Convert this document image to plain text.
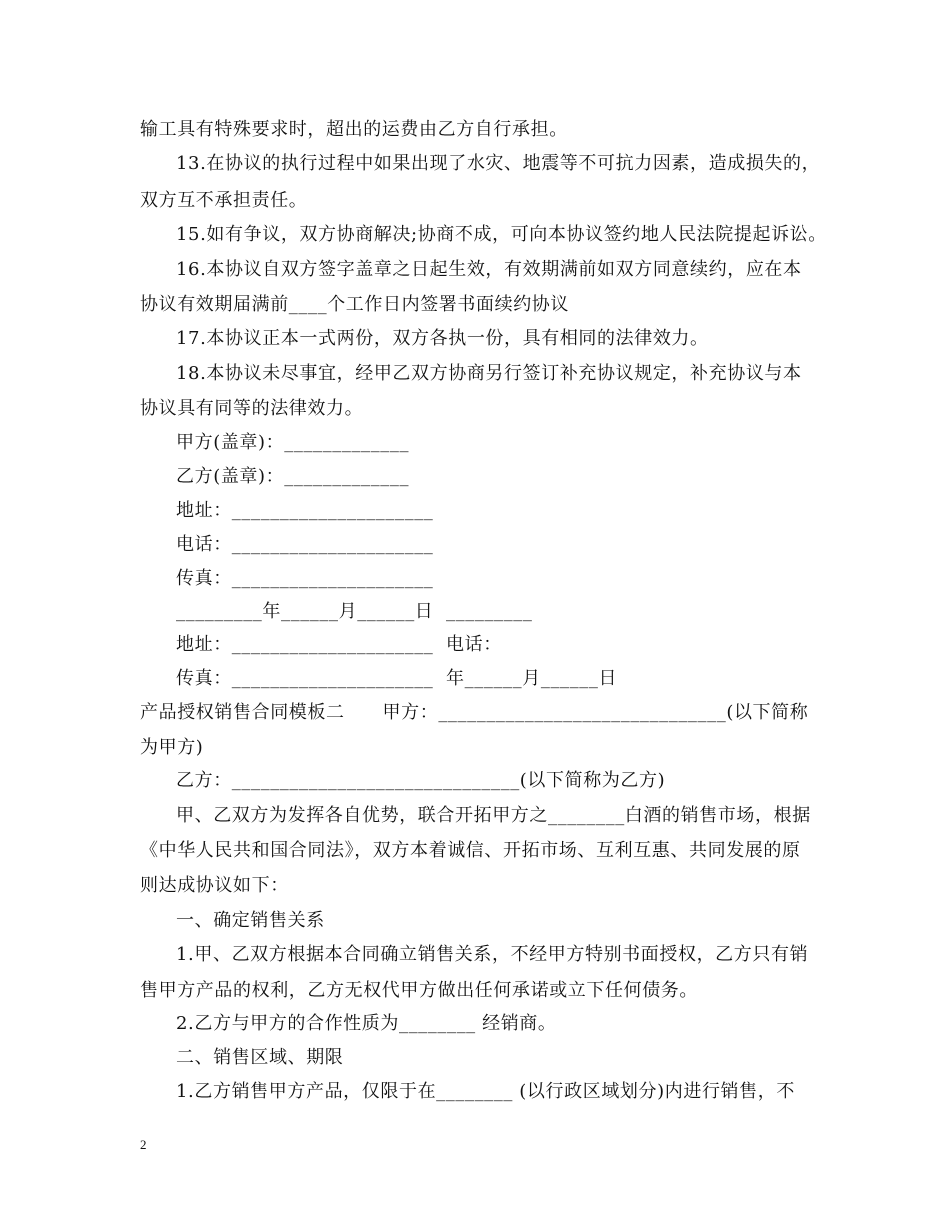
输工具有特殊要求时，超出的运费由乙方自行承担。
13.在协议的执行过程中如果出现了水灾、地震等不可抗力因素，造成损失的，
双方互不承担责任。
15.如有争议，双方协商解决;协商不成，可向本协议签约地人民法院提起诉讼。
16.本协议自双方签字盖章之日起生效，有效期满前如双方同意续约，应在本
协议有效期届满前____个工作日内签署书面续约协议
17.本协议正本一式两份，双方各执一份，具有相同的法律效力。
18.本协议未尽事宜，经甲乙双方协商另行签订补充协议规定，补充协议与本
协议具有同等的法律效力。
甲方(盖章)：_____________
乙方(盖章)：_____________
地址：_____________________
电话：_____________________
传真：_____________________
_________年______月______日  _________
地址：_____________________  电话：
传真：_____________________  年______月______日
产品授权销售合同模板二      甲方：______________________________(以下简称
为甲方)
乙方：______________________________(以下简称为乙方)
甲、乙双方为发挥各自优势，联合开拓甲方之________白酒的销售市场，根据
《中华人民共和国合同法》，双方本着诚信、开拓市场、互利互惠、共同发展的原
则达成协议如下：
一、确定销售关系
1.甲、乙双方根据本合同确立销售关系，不经甲方特别书面授权，乙方只有销
售甲方产品的权利，乙方无权代甲方做出任何承诺或立下任何债务。
2.乙方与甲方的合作性质为________ 经销商。
二、销售区域、期限
1.乙方销售甲方产品，仅限于在________ (以行政区域划分)内进行销售，不
2
